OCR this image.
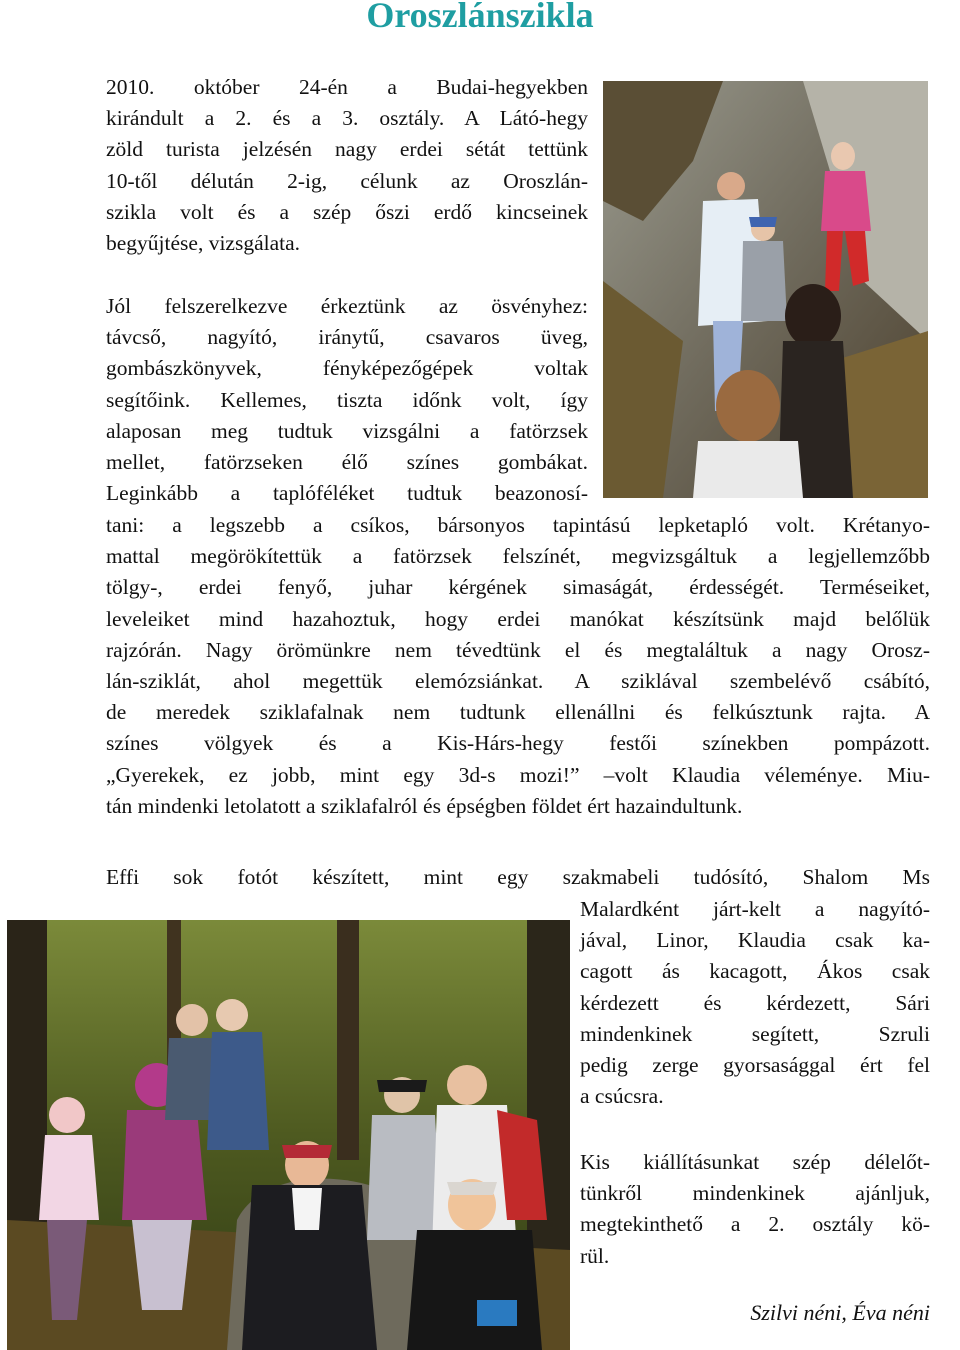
Oroszlánszikla
2010. október 24-én a Budai-hegyekben
kirándult a 2. és a 3. osztály. A Látó-hegy
zöld turista jelzésén nagy erdei sétát tettünk
10-től délután 2-ig, célunk az Oroszlán-
szikla volt és a szép őszi erdő kincseinek
begyűjtése, vizsgálata.
Jól felszerelkezve érkeztünk az ösvényhez:
távcső, nagyító, iránytű, csavaros üveg,
gombászkönyvek, fényképezőgépek voltak
segítőink. Kellemes, tiszta időnk volt, így
alaposan meg tudtuk vizsgálni a fatörzsek
mellet, fatörzseken élő színes gombákat.
Leginkább a taplóféléket tudtuk beazonosí-
tani: a legszebb a csíkos, bársonyos tapintású lepketapló volt. Krétanyo-
mattal megörökítettük a fatörzsek felszínét, megvizsgáltuk a legjellemzőbb
tölgy-, erdei fenyő, juhar kérgének simaságát, érdességét. Terméseiket,
leveleiket mind hazahoztuk, hogy erdei manókat készítsünk majd belőlük
rajzórán. Nagy örömünkre nem tévedtünk el és megtaláltuk a nagy Orosz-
lán-sziklát, ahol megettük elemózsiánkat. A sziklával szembelévő csábító,
de meredek sziklafalnak nem tudtunk ellenállni és felkúsztunk rajta. A
színes völgyek és a Kis-Hárs-hegy festői színekben pompázott.
„Gyerekek, ez jobb, mint egy 3d-s mozi!” –volt Klaudia véleménye. Miu-
tán mindenki letolatott a sziklafalról és épségben földet ért hazaindultunk.
Effi sok fotót készített, mint egy szakmabeli tudósító, Shalom Ms
Malardként járt-kelt a nagyító-
jával, Linor, Klaudia csak ka-
cagott ás kacagott, Ákos csak
kérdezett és kérdezett, Sári
mindenkinek segített, Szruli
pedig zerge gyorsasággal ért fel
a csúcsra.
Kis kiállításunkat szép délelőt-
tünkről mindenkinek ajánljuk,
megtekinthető a 2. osztály kö-
rül.
Szilvi néni, Éva néni
